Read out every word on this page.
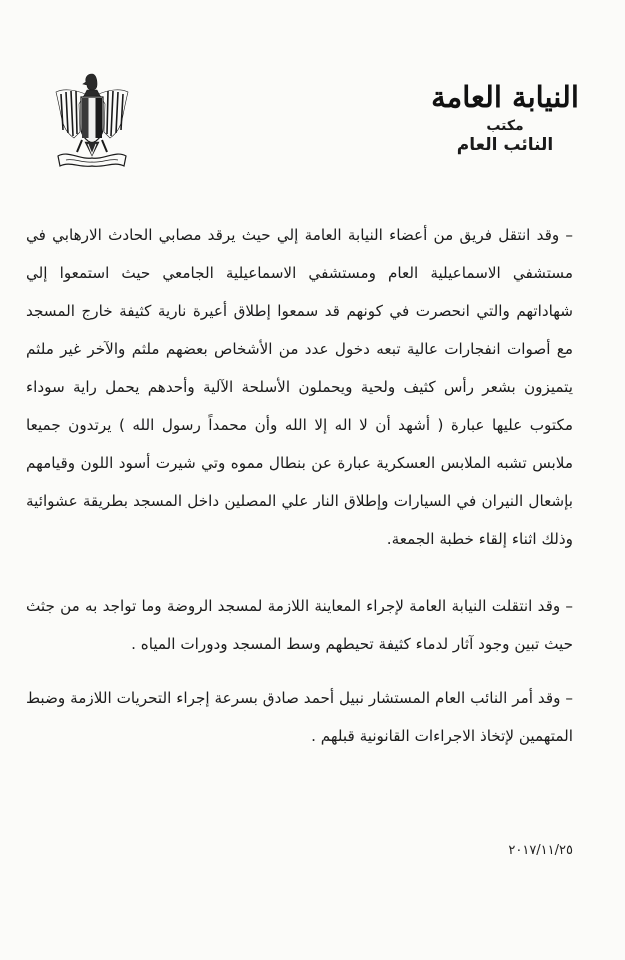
النيابة العامة
مكتب
النائب العام

– وقد انتقل فريق من أعضاء النيابة العامة إلي حيث يرقد مصابي الحادث الارهابي في مستشفي الاسماعيلية العام ومستشفي الاسماعيلية الجامعي حيث استمعوا إلي شهاداتهم والتي انحصرت في كونهم قد سمعوا إطلاق أعيرة نارية كثيفة خارج المسجد مع أصوات انفجارات عالية تبعه دخول عدد من الأشخاص بعضهم ملثم والآخر غير ملثم يتميزون بشعر رأس كثيف ولحية ويحملون الأسلحة الآلية وأحدهم يحمل راية سوداء مكتوب عليها عبارة ( أشهد أن لا اله إلا الله وأن محمداً رسول الله ) يرتدون جميعا ملابس تشبه الملابس العسكرية عبارة عن بنطال مموه وتي شيرت أسود اللون وقيامهم بإشعال النيران في السيارات وإطلاق النار علي المصلين داخل المسجد بطريقة عشوائية وذلك اثناء إلقاء خطبة الجمعة.

– وقد انتقلت النيابة العامة لإجراء المعاينة اللازمة لمسجد الروضة وما تواجد به من جثث حيث تبين وجود آثار لدماء كثيفة تحيطهم وسط المسجد ودورات المياه .

– وقد أمر النائب العام المستشار نبيل أحمد صادق بسرعة إجراء التحريات اللازمة وضبط المتهمين لإتخاذ الاجراءات القانونية قبلهم .

٢٠١٧/١١/٢٥
